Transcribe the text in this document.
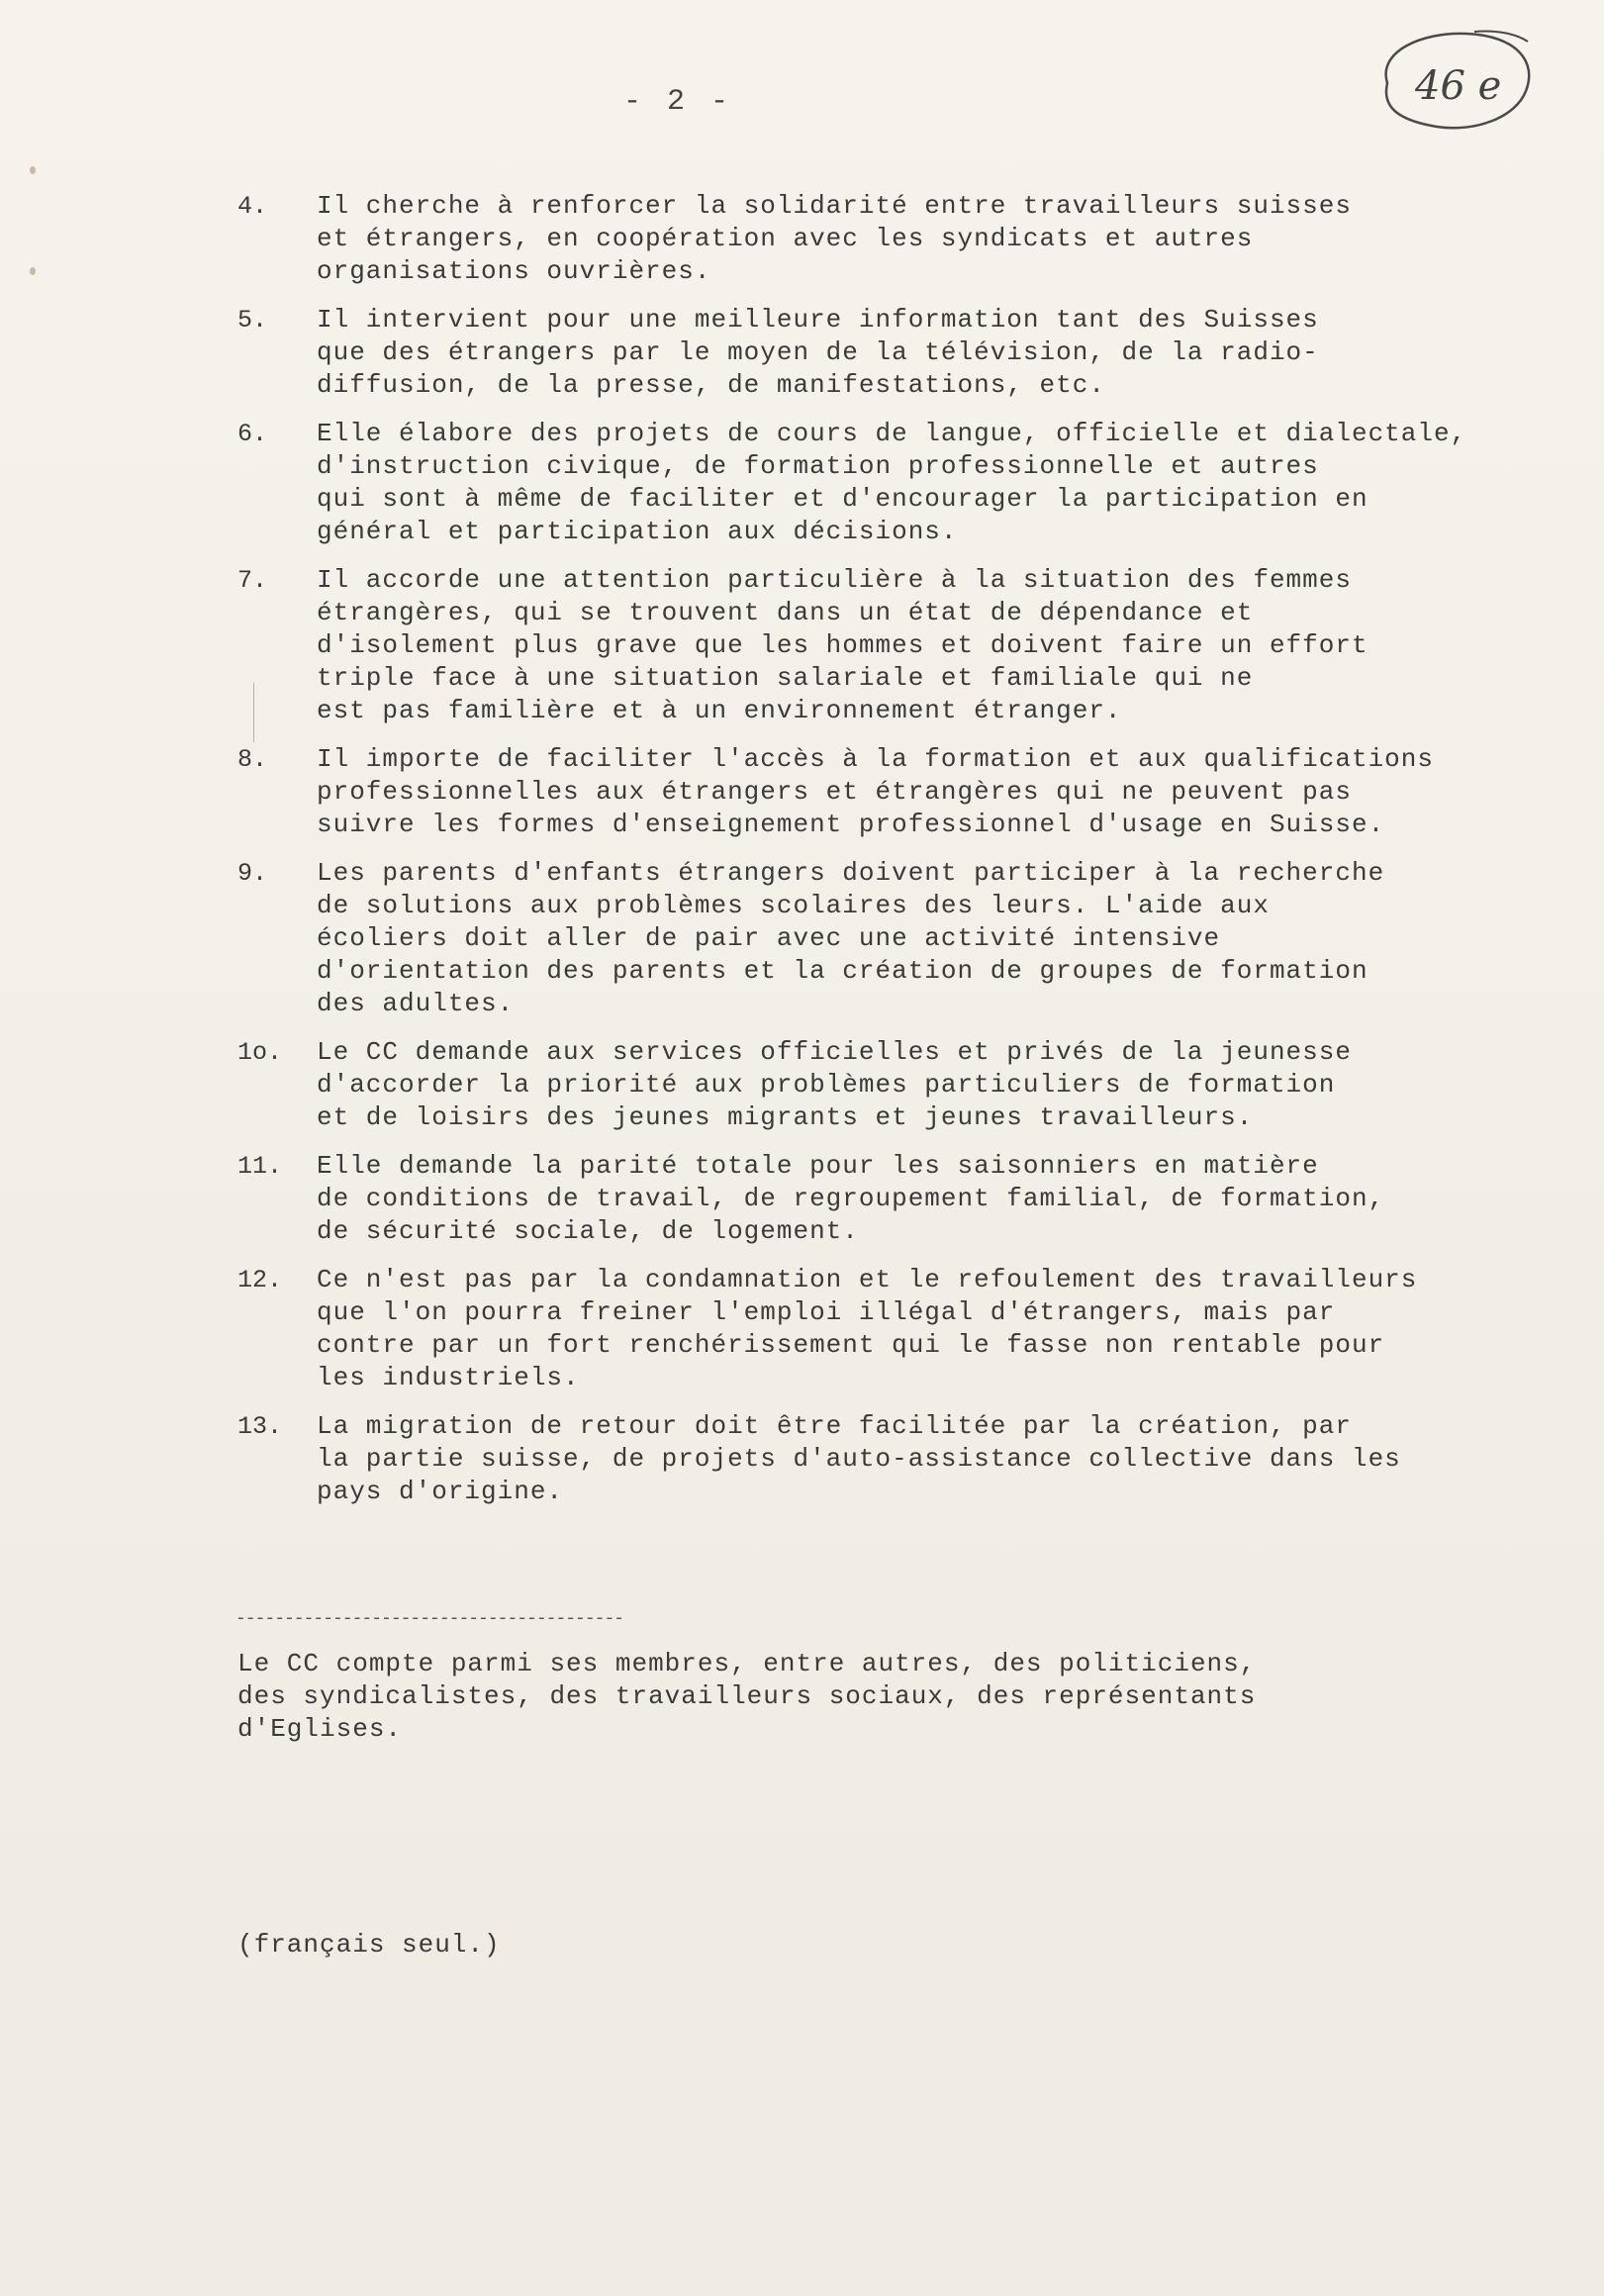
- 2 -	46 e
4.	Il cherche à renforcer la solidarité entre travailleurs suisses
et étrangers, en coopération avec les syndicats et autres
organisations ouvrières.
5.	Il intervient pour une meilleure information tant des Suisses
que des étrangers par le moyen de la télévision, de la radio-
diffusion, de la presse, de manifestations, etc.
6.	Elle élabore des projets de cours de langue, officielle et dialectale,
d'instruction civique, de formation professionnelle et autres
qui sont à même de faciliter et d'encourager la participation en
général et participation aux décisions.
7.	Il accorde une attention particulière à la situation des femmes
étrangères, qui se trouvent dans un état de dépendance et
d'isolement plus grave que les hommes et doivent faire un effort
triple face à une situation salariale et familiale qui ne
est pas familière et à un environnement étranger.
8.	Il importe de faciliter l'accès à la formation et aux qualifications
professionnelles aux étrangers et étrangères qui ne peuvent pas
suivre les formes d'enseignement professionnel d'usage en Suisse.
9.	Les parents d'enfants étrangers doivent participer à la recherche
de solutions aux problèmes scolaires des leurs. L'aide aux
écoliers doit aller de pair avec une activité intensive
d'orientation des parents et la création de groupes de formation
des adultes.
1o.	Le CC demande aux services officielles et privés de la jeunesse
d'accorder la priorité aux problèmes particuliers de formation
et de loisirs des jeunes migrants et jeunes travailleurs.
11.	Elle demande la parité totale pour les saisonniers en matière
de conditions de travail, de regroupement familial, de formation,
de sécurité sociale, de logement.
12.	Ce n'est pas par la condamnation et le refoulement des travailleurs
que l'on pourra freiner l'emploi illégal d'étrangers, mais par
contre par un fort renchérissement qui le fasse non rentable pour
les industriels.
13.	La migration de retour doit être facilitée par la création, par
la partie suisse, de projets d'auto-assistance collective dans les
pays d'origine.
----------------------------------------
Le CC compte parmi ses membres, entre autres, des politiciens,
des syndicalistes, des travailleurs sociaux, des représentants
d'Eglises.
(français seul.)
